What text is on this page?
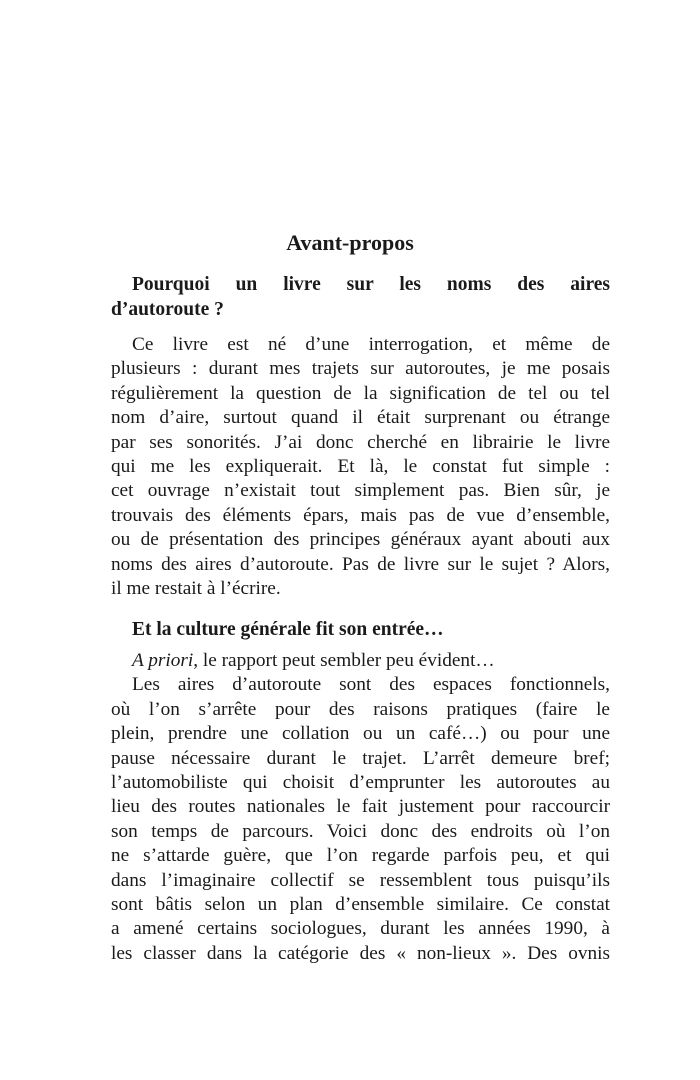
Avant-propos
Pourquoi un livre sur les noms des aires
d’autoroute ?
Ce livre est né d’une interrogation, et même de
plusieurs : durant mes trajets sur autoroutes, je me posais
régulièrement la question de la signification de tel ou tel
nom d’aire, surtout quand il était surprenant ou étrange
par ses sonorités. J’ai donc cherché en librairie le livre
qui me les expliquerait. Et là, le constat fut simple :
cet ouvrage n’existait tout simplement pas. Bien sûr, je
trouvais des éléments épars, mais pas de vue d’ensemble,
ou de présentation des principes généraux ayant abouti aux
noms des aires d’autoroute. Pas de livre sur le sujet ? Alors,
il me restait à l’écrire.
Et la culture générale fit son entrée…
A priori, le rapport peut sembler peu évident…
Les aires d’autoroute sont des espaces fonctionnels,
où l’on s’arrête pour des raisons pratiques (faire le
plein, prendre une collation ou un café…) ou pour une
pause nécessaire durant le trajet. L’arrêt demeure bref;
l’automobiliste qui choisit d’emprunter les autoroutes au
lieu des routes nationales le fait justement pour raccourcir
son temps de parcours. Voici donc des endroits où l’on
ne s’attarde guère, que l’on regarde parfois peu, et qui
dans l’imaginaire collectif se ressemblent tous puisqu’ils
sont bâtis selon un plan d’ensemble similaire. Ce constat
a amené certains sociologues, durant les années 1990, à
les classer dans la catégorie des « non-lieux ». Des ovnis
